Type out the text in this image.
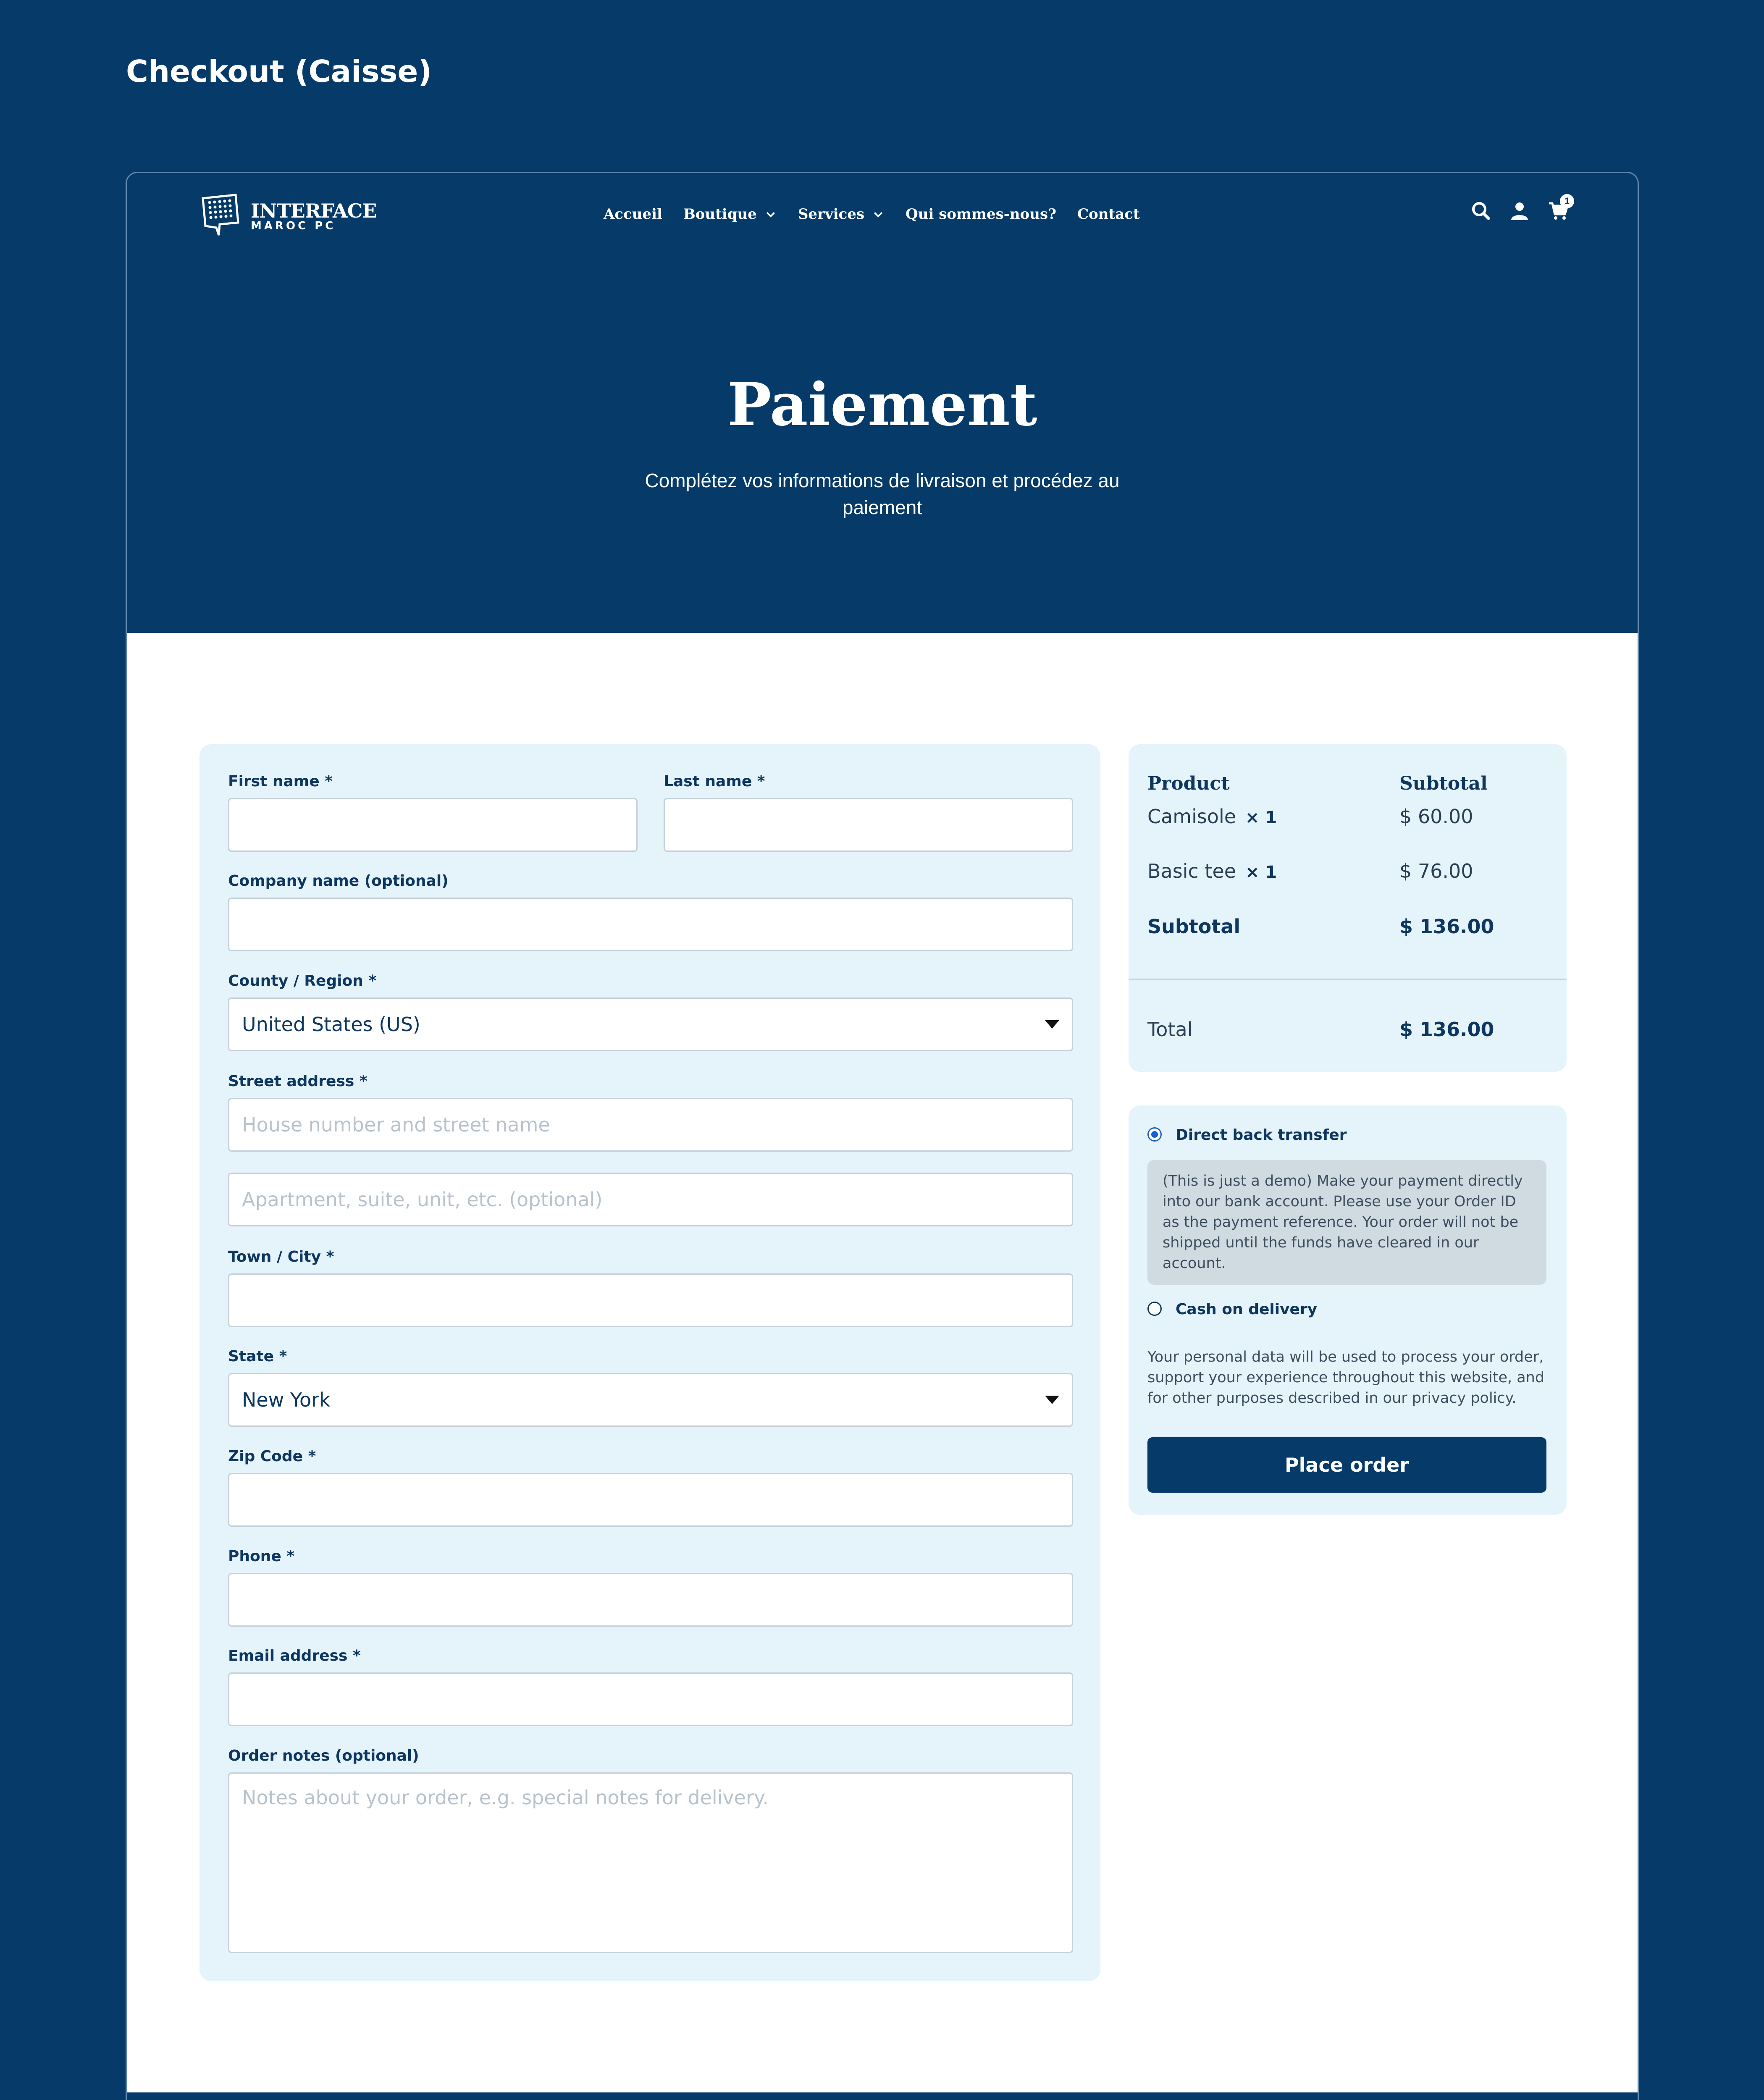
Checkout (Caisse)
INTERFACE
MAROC PC
Accueil Boutique	Services	Qui sommes-nous? Contact
1
Paiement
Complétez vos informations de livraison et procédez au paiement
First name *	Last name *
Company name (optional)
County / Region *
United States (US)
Street address *
House number and street name
Apartment, suite, unit, etc. (optional)
Town / City *
State *
New York
Zip Code *
Phone *
Email address *
Order notes (optional)
Notes about your order, e.g. special notes for delivery.
Product	Subtotal
Camisole × 1	$ 60.00
Basic tee × 1	$ 76.00
Subtotal	$ 136.00
Total	$ 136.00
Direct back transfer
(This is just a demo) Make your payment directly into our bank account. Please use your Order ID as the payment reference. Your order will not be shipped until the funds have cleared in our account.
Cash on delivery
Your personal data will be used to process your order, support your experience throughout this website, and for other purposes described in our privacy policy.
Place order
